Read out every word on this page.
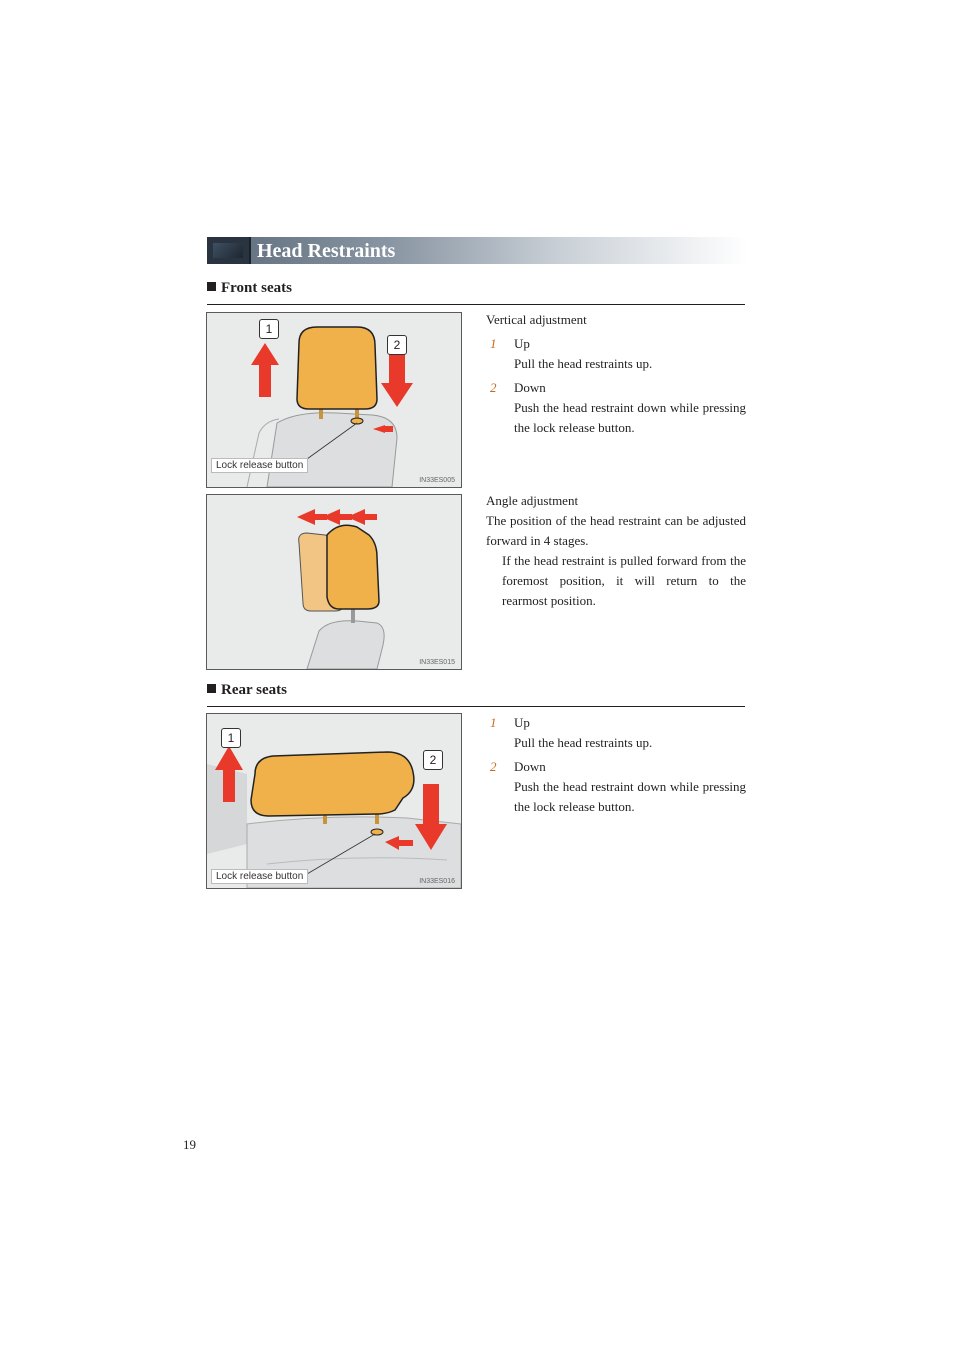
Head Restraints
Front seats
1
2
Lock release button
IN33ES005

Vertical adjustment

1 Up

Pull the head restraints up.

2 Down

Push the head restraint down while pressing the lock release button.

IN33ES015

Angle adjustment

The position of the head restraint can be adjusted forward in 4 stages.

If the head restraint is pulled forward from the foremost position, it will return to the rearmost position.

Rear seats
1
2
Lock release button	IN33ES016
1 Up

Pull the head restraints up.

2 Down

Push the head restraint down while pressing the lock release button.

19
